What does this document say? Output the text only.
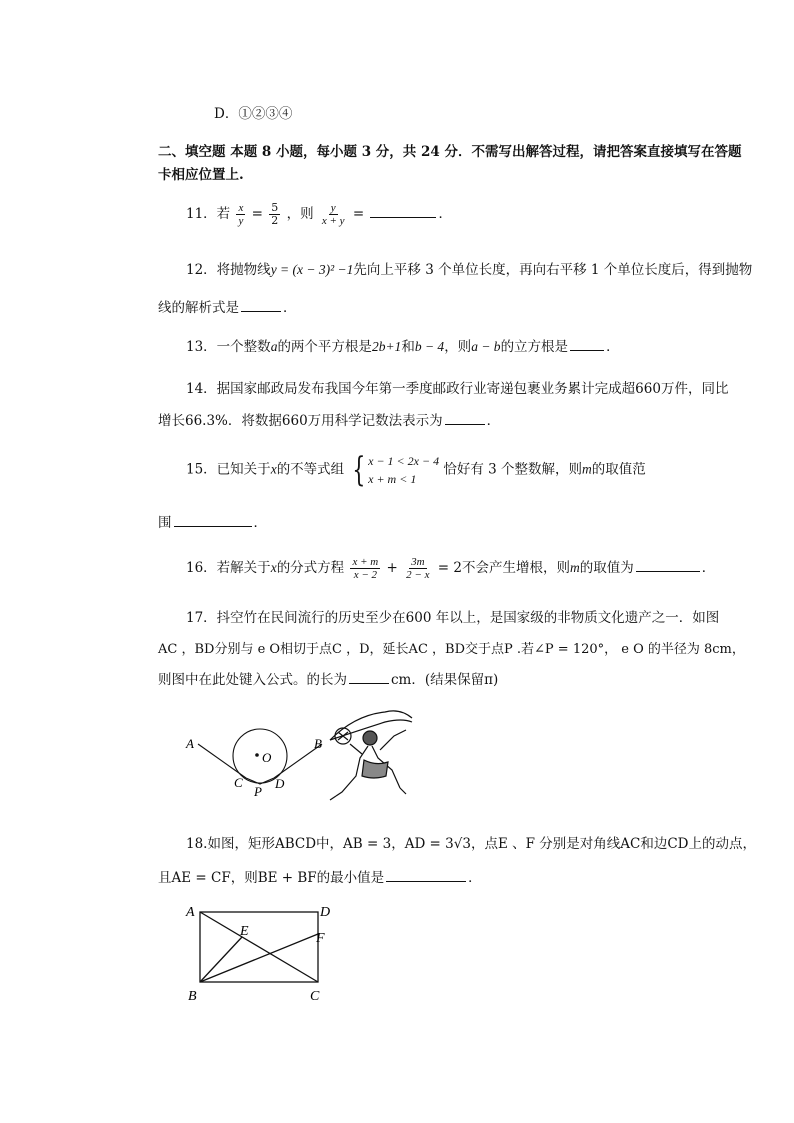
D．①②③④
二、填空题 本题 8 小题，每小题 3 分，共 24 分．不需写出解答过程，请把答案直接填写在答题
卡相应位置上.
11．若 $\frac{x}{y} = \frac{5}{2}$ ，则 $\frac{y}{x + y}$ =	．
12．将抛物线y = (x − 3)² −1先向上平移 3 个单位长度，再向右平移 1 个单位长度后，得到抛物
线的解析式是	．
13．一个整数a的两个平方根是2b+1和b − 4，则a − b的立方根是	．
14．据国家邮政局发布我国今年第一季度邮政行业寄递包裹业务累计完成超660万件，同比
增长66.3%．将数据660万用科学记数法表示为	．
15．已知关于x的不等式组 { x − 1 < 2x − 4
x + m < 1
恰好有 3 个整数解，则m的取值范
围	．
16．若解关于x的分式方程 $\frac{x + m}{x - 2} + \frac{3m}{2 - x} = 2$不会产生增根，则m的取值为	．
17．抖空竹在民间流行的历史至少在600 年以上，是国家级的非物质文化遗产之一．如图
AC ，BD分别与 e O相切于点C ，D，延长AC ，BD交于点P .若∠P = 120°， e O 的半径为 8cm，
则图中在此处键入公式。的长为	cm．(结果保留π)
A	B
C D
O
P
18.如图，矩形ABCD中，AB = 3，AD = 3√3，点E 、F 分别是对角线AC和边CD上的动点，
且AE = CF，则BE + BF的最小值是	．
A	D
B	C
E	F
